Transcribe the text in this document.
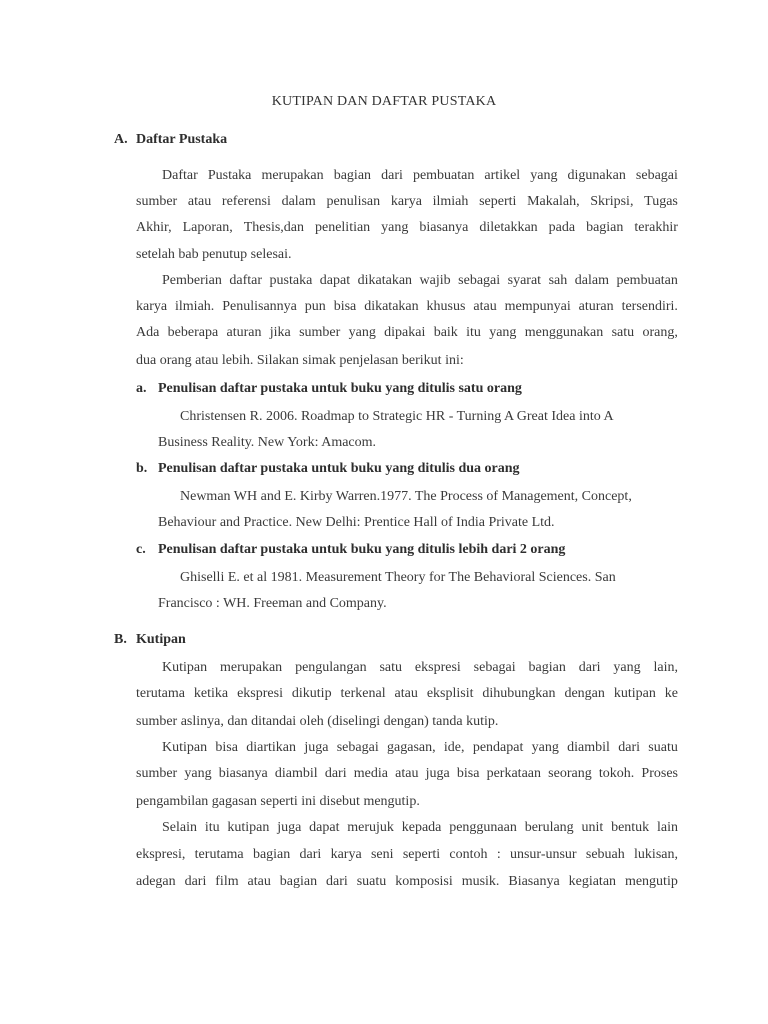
KUTIPAN DAN DAFTAR PUSTAKA
A. Daftar Pustaka
Daftar Pustaka merupakan bagian dari pembuatan artikel yang digunakan sebagai
sumber atau referensi dalam penulisan karya ilmiah seperti Makalah, Skripsi, Tugas
Akhir, Laporan, Thesis,dan penelitian yang biasanya diletakkan pada bagian terakhir
setelah bab penutup selesai.
Pemberian daftar pustaka dapat dikatakan wajib sebagai syarat sah dalam pembuatan
karya ilmiah. Penulisannya pun bisa dikatakan khusus atau mempunyai aturan tersendiri.
Ada beberapa aturan jika sumber yang dipakai baik itu yang menggunakan satu orang,
dua orang atau lebih. Silakan simak penjelasan berikut ini:
a. Penulisan daftar pustaka untuk buku yang ditulis satu orang
Christensen R. 2006. Roadmap to Strategic HR - Turning A Great Idea into A
Business Reality. New York: Amacom.
b. Penulisan daftar pustaka untuk buku yang ditulis dua orang
Newman WH and E. Kirby Warren.1977. The Process of Management, Concept,
Behaviour and Practice. New Delhi: Prentice Hall of India Private Ltd.
c. Penulisan daftar pustaka untuk buku yang ditulis lebih dari 2 orang
Ghiselli E. et al 1981. Measurement Theory for The Behavioral Sciences. San
Francisco : WH. Freeman and Company.
B. Kutipan
Kutipan merupakan pengulangan satu ekspresi sebagai bagian dari yang lain,
terutama ketika ekspresi dikutip terkenal atau eksplisit dihubungkan dengan kutipan ke
sumber aslinya, dan ditandai oleh (diselingi dengan) tanda kutip.
Kutipan bisa diartikan juga sebagai gagasan, ide, pendapat yang diambil dari suatu
sumber yang biasanya diambil dari media atau juga bisa perkataan seorang tokoh. Proses
pengambilan gagasan seperti ini disebut mengutip.
Selain itu kutipan juga dapat merujuk kepada penggunaan berulang unit bentuk lain
ekspresi, terutama bagian dari karya seni seperti contoh : unsur-unsur sebuah lukisan,
adegan dari film atau bagian dari suatu komposisi musik. Biasanya kegiatan mengutip
